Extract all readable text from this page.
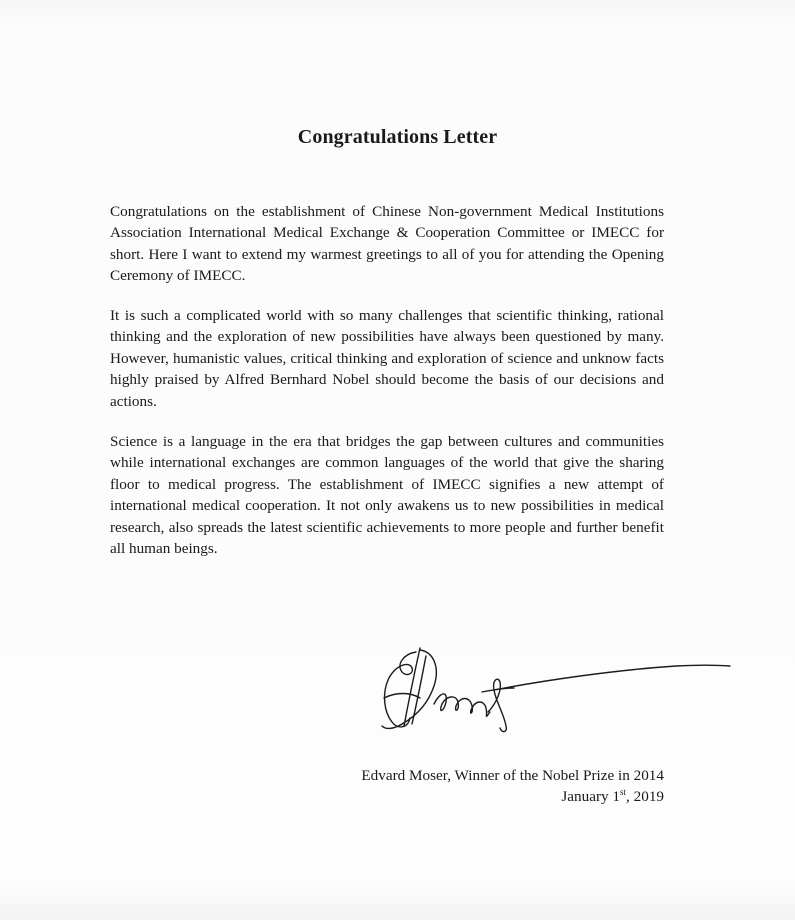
Congratulations Letter

Congratulations on the establishment of Chinese Non-government Medical Institutions Association International Medical Exchange & Cooperation Committee or IMECC for short. Here I want to extend my warmest greetings to all of you for attending the Opening Ceremony of IMECC.

It is such a complicated world with so many challenges that scientific thinking, rational thinking and the exploration of new possibilities have always been questioned by many. However, humanistic values, critical thinking and exploration of science and unknow facts highly praised by Alfred Bernhard Nobel should become the basis of our decisions and actions.

Science is a language in the era that bridges the gap between cultures and communities while international exchanges are common languages of the world that give the sharing floor to medical progress. The establishment of IMECC signifies a new attempt of international medical cooperation. It not only awakens us to new possibilities in medical research, also spreads the latest scientific achievements to more people and further benefit all human beings.

Edvard Moser, Winner of the Nobel Prize in 2014
January 1st, 2019
